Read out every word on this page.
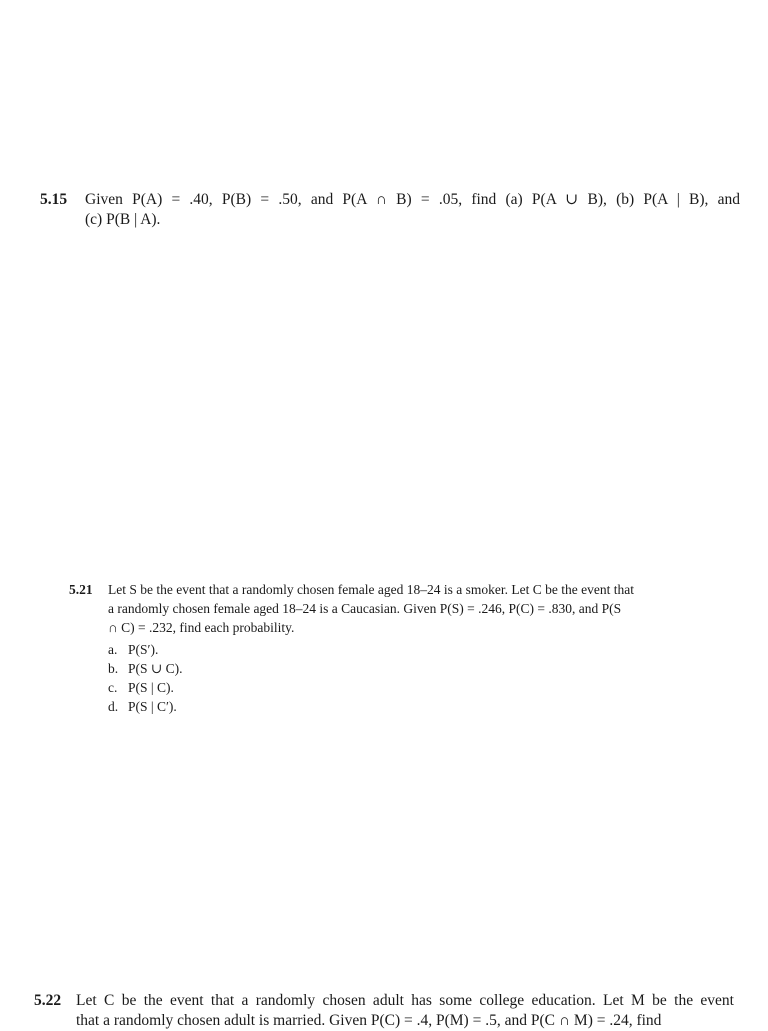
5.15 Given P(A) = .40, P(B) = .50, and P(A ∩ B) = .05, find (a) P(A ∪ B), (b) P(A | B), and
(c) P(B | A).
5.21 Let S be the event that a randomly chosen female aged 18–24 is a smoker. Let C be the event that
a randomly chosen female aged 18–24 is a Caucasian. Given P(S) = .246, P(C) = .830, and P(S
∩ C) = .232, find each probability.
a. P(S′).
b. P(S ∪ C).
c. P(S | C).
d. P(S | C′).
5.22 Let C be the event that a randomly chosen adult has some college education. Let M be the event
that a randomly chosen adult is married. Given P(C) = .4, P(M) = .5, and P(C ∩ M) = .24, find
